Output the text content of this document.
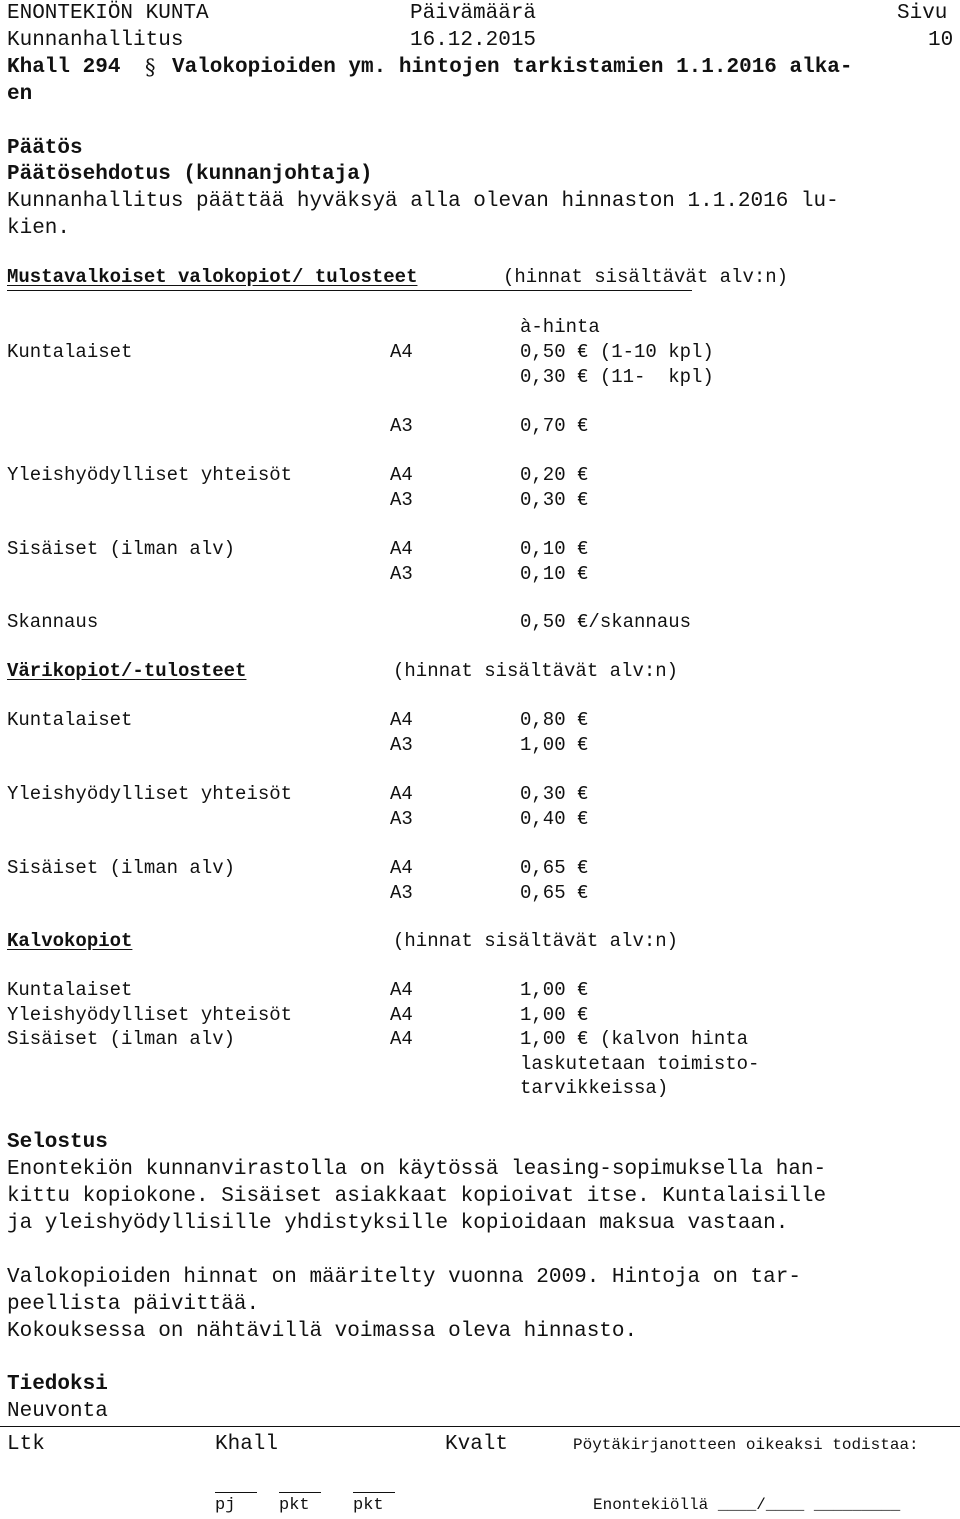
ENONTEKIÖN KUNTA	Päivämäärä	Sivu
Kunnanhallitus	16.12.2015	10
Khall 294 § Valokopioiden ym. hintojen tarkistamien 1.1.2016 alka-
en
Päätös
Päätösehdotus (kunnanjohtaja)
Kunnanhallitus päättää hyväksyä alla olevan hinnaston 1.1.2016 lu-
kien.
Mustavalkoiset valokopiot/ tulosteet	(hinnat sisältävät alv:n)
à-hinta
Kuntalaiset	A4	0,50 € (1-10 kpl)
0,30 € (11-  kpl)
A3	0,70 €
Yleishyödylliset yhteisöt	A4	0,20 €
A3	0,30 €
Sisäiset (ilman alv)	A4	0,10 €
A3	0,10 €
Skannaus	0,50 €/skannaus
Värikopiot/-tulosteet	(hinnat sisältävät alv:n)
Kuntalaiset	A4	0,80 €
A3	1,00 €
Yleishyödylliset yhteisöt	A4	0,30 €
A3	0,40 €
Sisäiset (ilman alv)	A4	0,65 €
A3	0,65 €
Kalvokopiot	(hinnat sisältävät alv:n)
Kuntalaiset	A4	1,00 €
Yleishyödylliset yhteisöt	A4	1,00 €
Sisäiset (ilman alv)	A4	1,00 € (kalvon hinta
laskutetaan toimisto-
tarvikkeissa)
Selostus
Enontekiön kunnanvirastolla on käytössä leasing-sopimuksella han-
kittu kopiokone. Sisäiset asiakkaat kopioivat itse. Kuntalaisille
ja yleishyödyllisille yhdistyksille kopioidaan maksua vastaan.
Valokopioiden hinnat on määritelty vuonna 2009. Hintoja on tar-
peellista päivittää.
Kokouksessa on nähtävillä voimassa oleva hinnasto.
Tiedoksi
Neuvonta
Ltk	Khall	Kvalt	Pöytäkirjanotteen oikeaksi todistaa:
pj	pkt	pkt	Enontekiöllä ____/____ _________
